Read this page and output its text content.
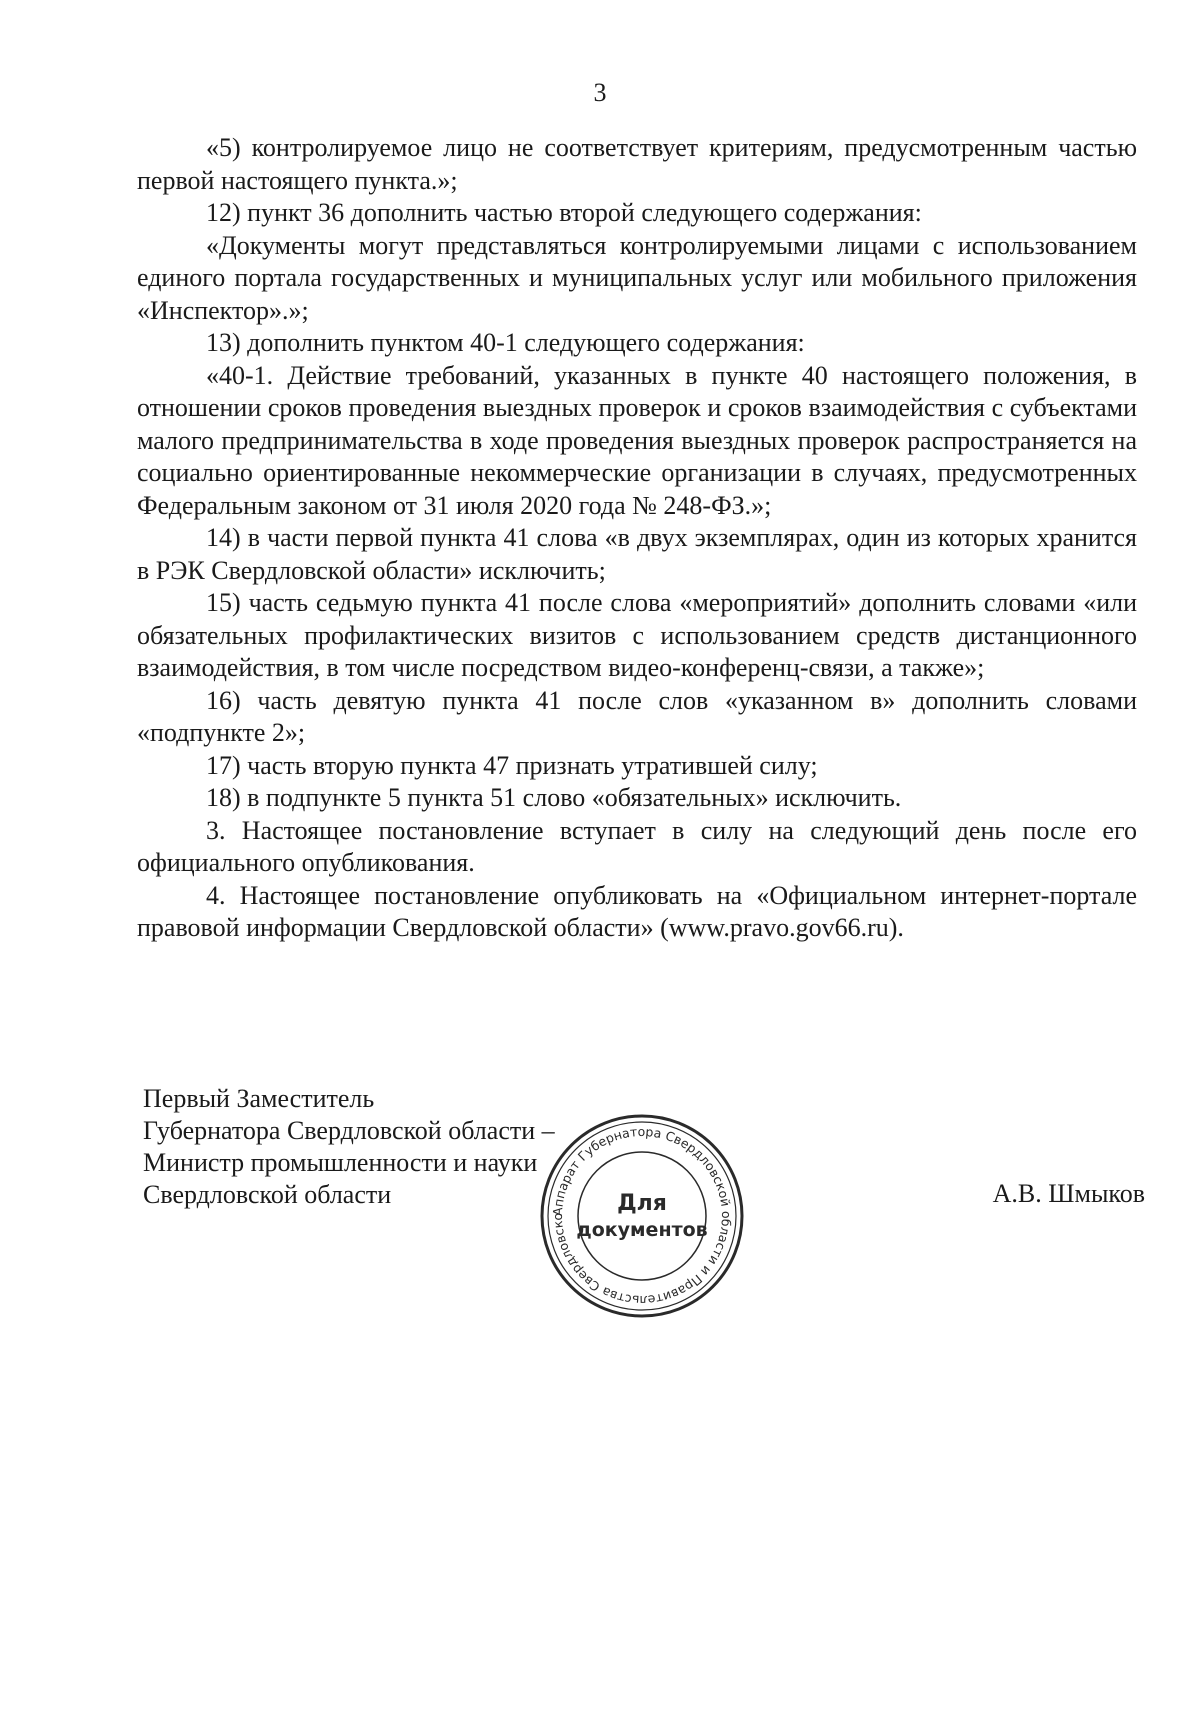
3

«5) контролируемое лицо не соответствует критериям, предусмотренным частью первой настоящего пункта.»;

12) пункт 36 дополнить частью второй следующего содержания:

«Документы могут представляться контролируемыми лицами с использованием единого портала государственных и муниципальных услуг или мобильного приложения «Инспектор».»;

13) дополнить пунктом 40-1 следующего содержания:

«40-1. Действие требований, указанных в пункте 40 настоящего положения, в отношении сроков проведения выездных проверок и сроков взаимодействия с субъектами малого предпринимательства в ходе проведения выездных проверок распространяется на социально ориентированные некоммерческие организации в случаях, предусмотренных Федеральным законом от 31 июля 2020 года № 248-ФЗ.»;

14) в части первой пункта 41 слова «в двух экземплярах, один из которых хранится в РЭК Свердловской области» исключить;

15) часть седьмую пункта 41 после слова «мероприятий» дополнить словами «или обязательных профилактических визитов с использованием средств дистанционного взаимодействия, в том числе посредством видео-конференц-связи, а также»;

16) часть девятую пункта 41 после слов «указанном в» дополнить словами «подпункте 2»;

17) часть вторую пункта 47 признать утратившей силу;

18) в подпункте 5 пункта 51 слово «обязательных» исключить.

3. Настоящее постановление вступает в силу на следующий день после его официального опубликования.

4. Настоящее постановление опубликовать на «Официальном интернет-портале правовой информации Свердловской области» (www.pravo.gov66.ru).

Первый Заместитель
Губернатора Свердловской области –
Министр промышленности и науки
Свердловской области	А.В. Шмыков
Аппарат Губернатора Свердловской области и Правительства Свердловско
Для
документов
